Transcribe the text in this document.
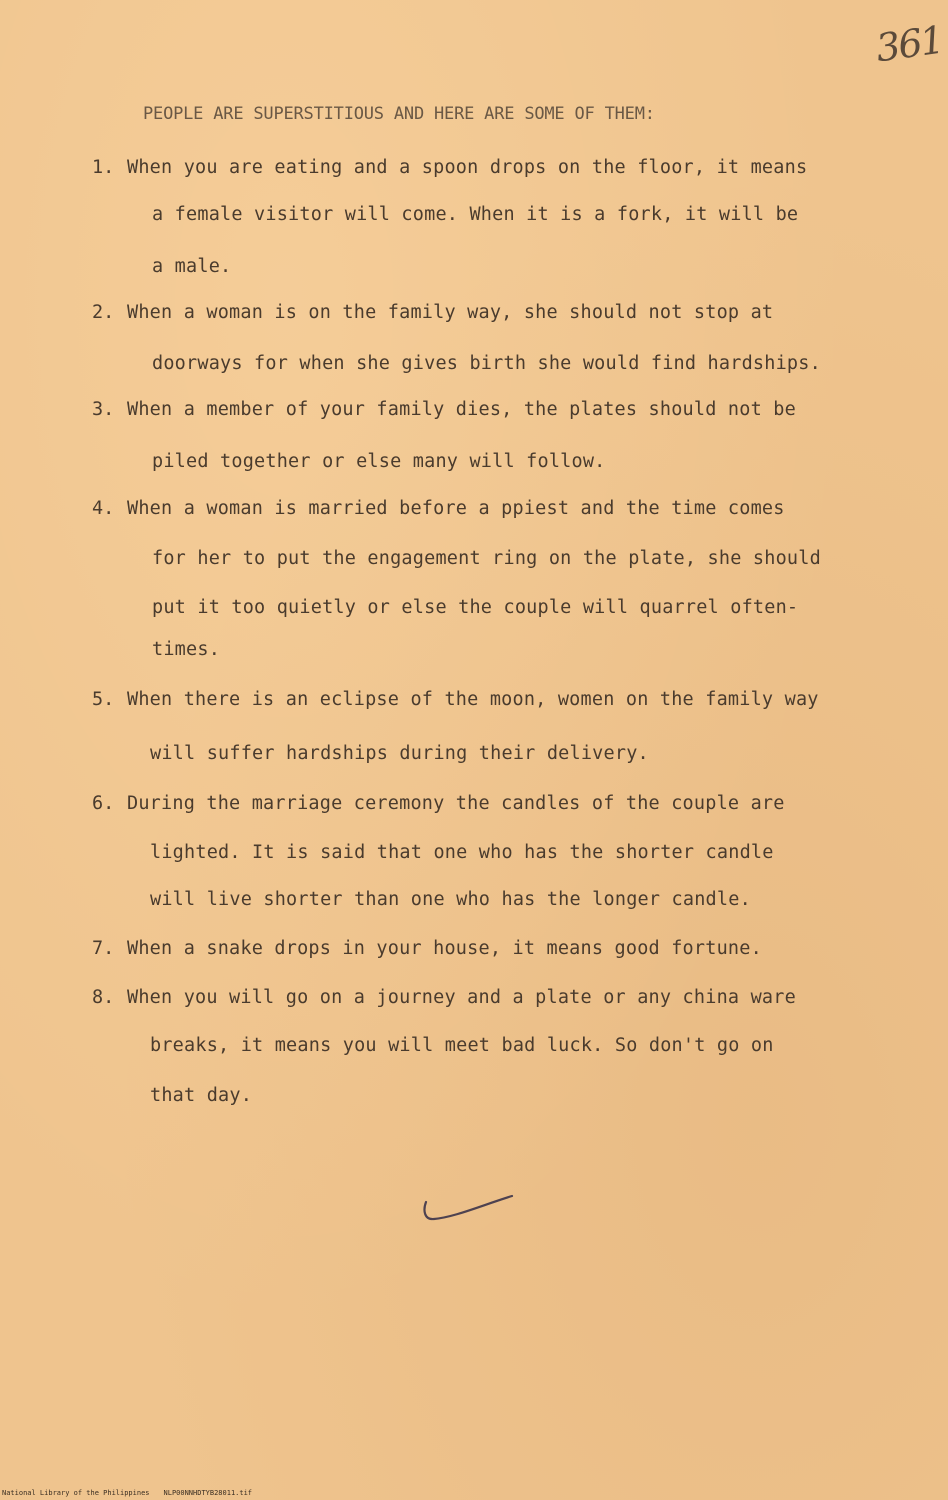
361
PEOPLE ARE SUPERSTITIOUS AND HERE ARE SOME OF THEM:
1. When you are eating and a spoon drops on the floor, it means
a female visitor will come. When it is a fork, it will be
a male.
2. When a woman is on the family way, she should not stop at
doorways for when she gives birth she would find hardships.
3. When a member of your family dies, the plates should not be
piled together or else many will follow.
4. When a woman is married before a ppiest and the time comes
for her to put the engagement ring on the plate, she should
put it too quietly or else the couple will quarrel often-
times.
5. When there is an eclipse of the moon, women on the family way
will suffer hardships during their delivery.
6. During the marriage ceremony the candles of the couple are
lighted. It is said that one who has the shorter candle
will live shorter than one who has the longer candle.
7. When a snake drops in your house, it means good fortune.
8. When you will go on a journey and a plate or any china ware
breaks, it means you will meet bad luck. So don't go on
that day.
National Library of the Philippines NLP00NNHDTYB28011.tif
